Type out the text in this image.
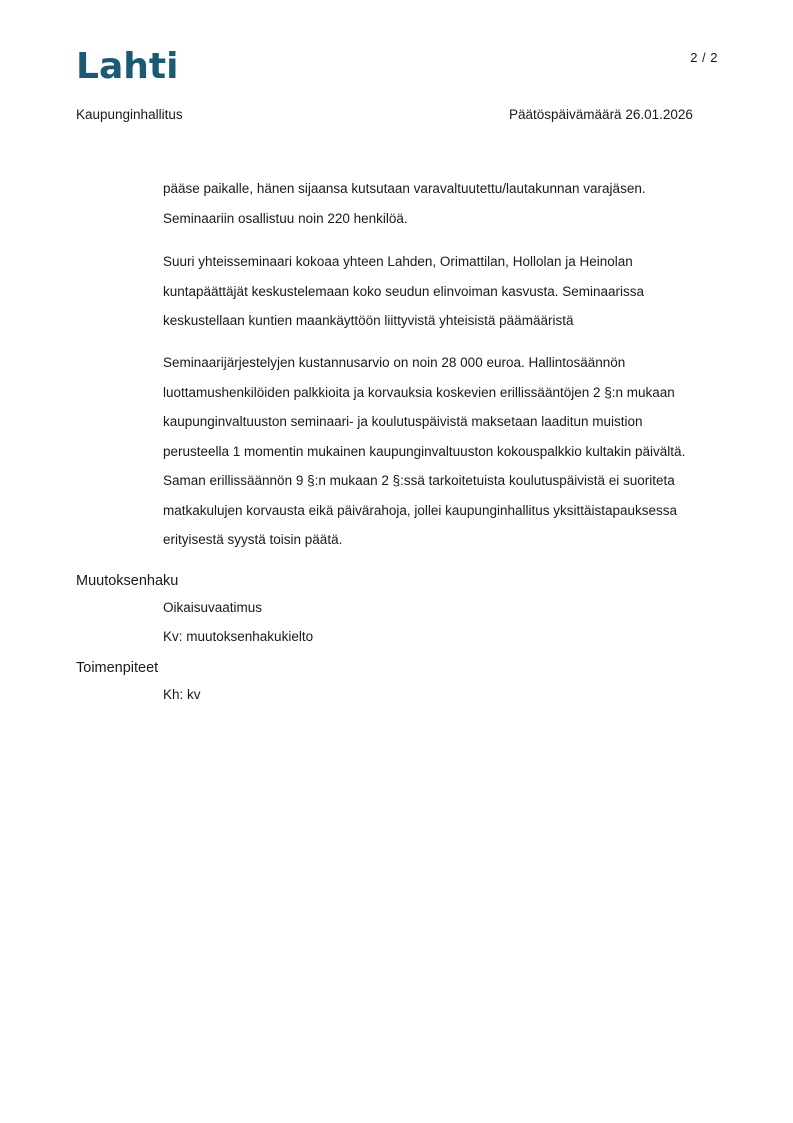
Lahti	2 / 2
Kaupunginhallitus	Päätöspäivämäärä 26.01.2026

pääse paikalle, hänen sijaansa kutsutaan varavaltuutettu/lautakunnan varajäsen. Seminaariin osallistuu noin 220 henkilöä.

Suuri yhteisseminaari kokoaa yhteen Lahden, Orimattilan, Hollolan ja Heinolan kuntapäättäjät keskustelemaan koko seudun elinvoiman kasvusta. Seminaarissa keskustellaan kuntien maankäyttöön liittyvistä yhteisistä päämääristä

Seminaarijärjestelyjen kustannusarvio on noin 28 000 euroa. Hallintosäännön luottamushenkilöiden palkkioita ja korvauksia koskevien erillissääntöjen 2 §:n mukaan kaupunginvaltuuston seminaari- ja koulutuspäivistä maksetaan laaditun muistion perusteella 1 momentin mukainen kaupunginvaltuuston kokouspalkkio kultakin päivältä. Saman erillissäännön 9 §:n mukaan 2 §:ssä tarkoitetuista koulutuspäivistä ei suoriteta matkakulujen korvausta eikä päivärahoja, jollei kaupunginhallitus yksittäistapauksessa erityisestä syystä toisin päätä.

Muutoksenhaku
Oikaisuvaatimus
Kv: muutoksenhakukielto
Toimenpiteet
Kh: kv
